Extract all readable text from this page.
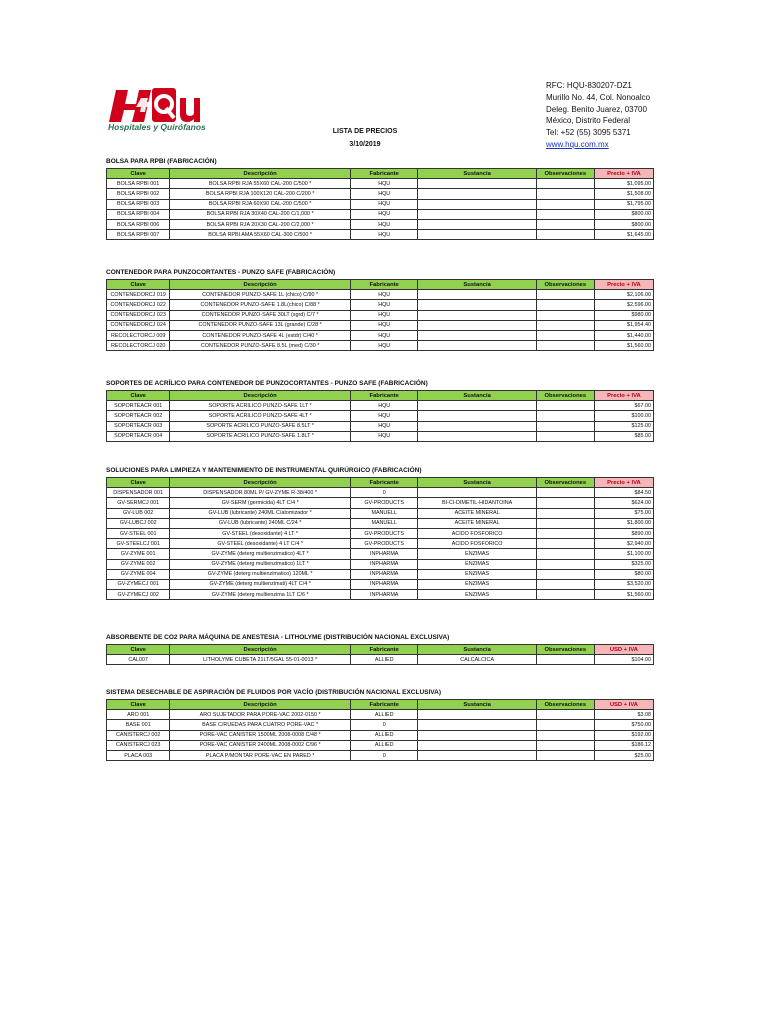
Hospitales y Quirófanos	LISTA DE PRECIOS
3/10/2019
RFC: HQU-830207-DZ1
Murillo No. 44, Col. Nonoalco
Deleg. Benito Juarez, 03700
México, Distrito Federal
Tel: +52 (55) 3095 5371
www.hqu.com.mx
BOLSA PARA RPBI (FABRICACIÓN)
Clave	Descripción	Fabricante	Sustancia	Observaciones	Precio + IVA
BOLSA RPBI 001	BOLSA RPBI RJA 55X60 CAL-200 C/500 *	HQU			$1,095.00
BOLSA RPBI 002	BOLSA RPBI RJA 100X120 CAL-200 C/200 *	HQU			$1,508.00
BOLSA RPBI 003	BOLSA RPBI RJA 60X90 CAL-200 C/500 *	HQU			$1,795.00
BOLSA RPBI 004	BOLSA RPBI RJA 30X40 CAL-200 C/1,000 *	HQU			$800.00
BOLSA RPBI 006	BOLSA RPBI RJA 20X30 CAL-200 C/2,000 *	HQU			$800.00
BOLSA RPBI 007	BOLSA RPBI AMA 55X60 CAL-300 C/500 *	HQU			$1,645.00
CONTENEDOR PARA PUNZOCORTANTES - PUNZO SAFE (FABRICACIÓN)
Clave	Descripción	Fabricante	Sustancia	Observaciones	Precio + IVA
CONTENEDORCJ 019	CONTENEDOR PUNZO-SAFE 1L (chico) C/90 *	HQU			$2,106.00
CONTENEDORCJ 022	CONTENEDOR PUNZO-SAFE 1.8L(chico) C/88 *	HQU			$2,596.00
CONTENEDORCJ 023	CONTENEDOR PUNZO-SAFE 30LT (sgrd) C/7 *	HQU			$980.00
CONTENEDORCJ 024	CONTENEDOR PUNZO-SAFE 13L (grande) C/28 *	HQU			$1,954.40
RECOLECTORCJ 009	CONTENEDOR PUNZO-SAFE 4L (estdr) C/40 *	HQU			$1,440.00
RECOLECTORCJ 020	CONTENEDOR PUNZO-SAFE 8.5L (med) C/30 *	HQU			$1,560.00
SOPORTES DE ACRÍLICO PARA CONTENEDOR DE PUNZOCORTANTES - PUNZO SAFE (FABRICACIÓN)
Clave	Descripción	Fabricante	Sustancia	Observaciones	Precio + IVA
SOPORTEACR 001	SOPORTE ACRILICO PUNZO-SAFE 1LT *	HQU			$67.00
SOPORTEACR 002	SOPORTE ACRILICO PUNZO-SAFE 4LT *	HQU			$100.00
SOPORTEACR 003	SOPORTE ACRILICO PUNZO-SAFE 8.5LT *	HQU			$125.00
SOPORTEACR 004	SOPORTE ACRILICO PUNZO-SAFE 1.8LT *	HQU			$85.00
SOLUCIONES PARA LIMPIEZA Y MANTENIMIENTO DE INSTRUMENTAL QUIRÚRGICO (FABRICACIÓN)
Clave	Descripción	Fabricante	Sustancia	Observaciones	Precio + IVA
DISPENSADOR 001	DISPENSADOR 80ML P/ GV-ZYME R-38/400 *	0			$84.50
GV-SERMCJ 001	GV-SERM (germicida) 4LT C/4 *	GV-PRODUCTS	BI-CI-DIMETIL-HIDANTOINA		$624.00
GV-LUB 002	GV-LUB (lubricante) 240ML C/atomizador *	MANUELL	ACEITE MINERAL		$75.00
GV-LUBCJ 002	GV-LUB (lubricante) 240ML C/24 *	MANUELL	ACEITE MINERAL		$1,800.00
GV-STEEL 001	GV-STEEL (desoxidante) 4 LT *	GV-PRODUCTS	ACIDO FOSFORICO		$890.00
GV-STEELCJ 001	GV-STEEL (desoxidante) 4 LT C/4 *	GV-PRODUCTS	ACIDO FOSFORICO		$2,940.00
GV-ZYME 001	GV-ZYME (deterg multienzimatico) 4LT *	INPHARMA	ENZIMAS		$1,100.00
GV-ZYME 002	GV-ZYME (deterg multienzimatico) 1LT *	INPHARMA	ENZIMAS		$325.00
GV-ZYME 004	GV-ZYME (deterg multienzimatico) 120ML *	INPHARMA	ENZIMAS		$80.00
GV-ZYMECJ 001	GV-ZYME (deterg multienzimati) 4LT C/4 *	INPHARMA	ENZIMAS		$3,520.00
GV-ZYMECJ 002	GV-ZYME (deterg multienzima 1LT C/6 *	INPHARMA	ENZIMAS		$1,560.00
ABSORBENTE DE CO2 PARA MÁQUINA DE ANESTESIA - LITHOLYME (DISTRIBUCIÓN NACIONAL EXCLUSIVA)
Clave	Descripción	Fabricante	Sustancia	Observaciones	USD + IVA
CAL007	LITHOLYME CUBETA 21LT/5GAL 55-01-0013 *	ALLIED	CALCALCICA		$104.00
SISTEMA DESECHABLE DE ASPIRACIÓN DE FLUIDOS POR VACÍO (DISTRIBUCIÓN NACIONAL EXCLUSIVA)
Clave	Descripción	Fabricante	Sustancia	Observaciones	USD + IVA
ARO 001	ARO SUJETADOR PARA PORE-VAC 2002-0150 *	ALLIED			$3.08
BASE 001	BASE C/RUEDAS PARA CUATRO PORE-VAC *	0			$750.00
CANISTERCJ 002	PORE-VAC CANISTER 1500ML 2008-0008 C/48 *	ALLIED			$192.00
CANISTERCJ 023	PORE-VAC CANISTER 2400ML 2008-0002 C/96 *	ALLIED			$186.12
PLACA 003	PLACA P/MONTAR PORE-VAC EN PARED *	0			$25.00
